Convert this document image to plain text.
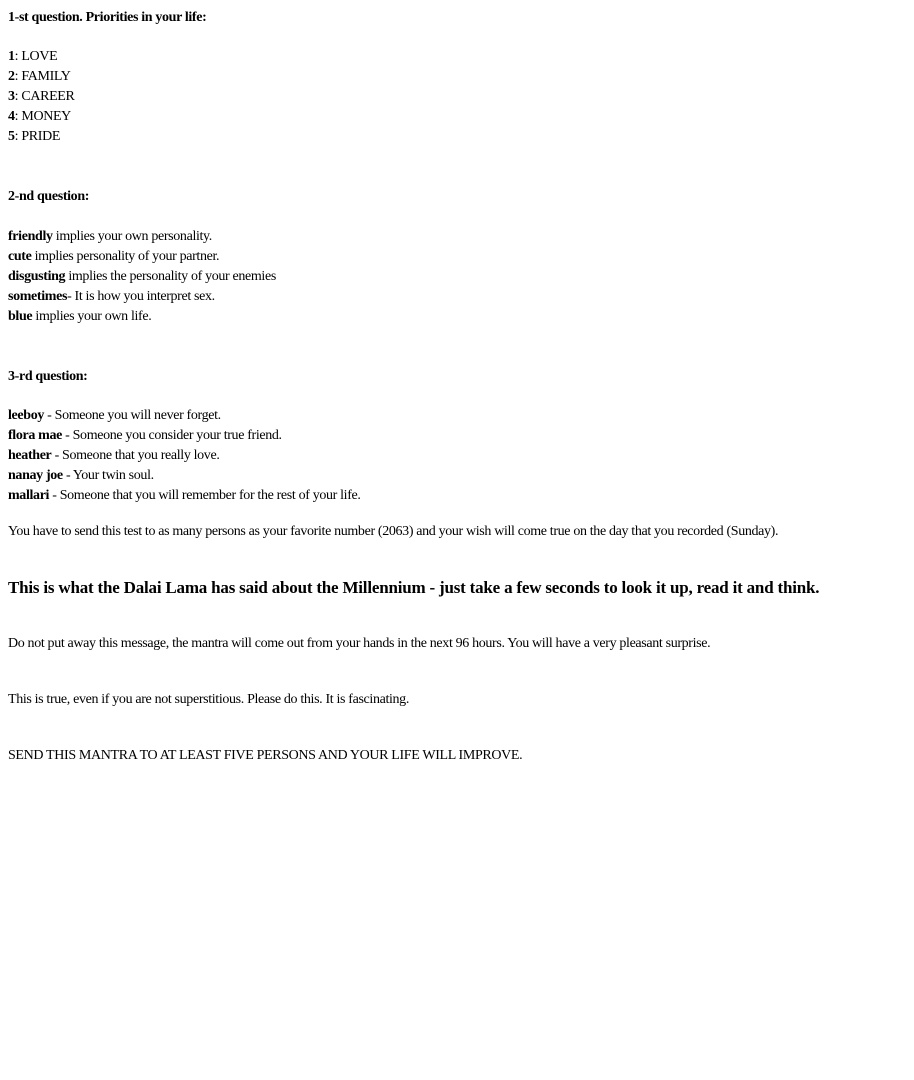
1-st question. Priorities in your life:
1: LOVE
2: FAMILY
3: CAREER
4: MONEY
5: PRIDE
2-nd question:
friendly implies your own personality.
cute implies personality of your partner.
disgusting implies the personality of your enemies
sometimes- It is how you interpret sex.
blue implies your own life.
3-rd question:
leeboy - Someone you will never forget.
flora mae - Someone you consider your true friend.
heather - Someone that you really love.
nanay joe - Your twin soul.
mallari - Someone that you will remember for the rest of your life.
You have to send this test to as many persons as your favorite number (2063) and your wish will come true on the day that you recorded (Sunday).
This is what the Dalai Lama has said about the Millennium - just take a few seconds to look it up, read it and think.
Do not put away this message, the mantra will come out from your hands in the next 96 hours. You will have a very pleasant surprise.
This is true, even if you are not superstitious. Please do this. It is fascinating.
SEND THIS MANTRA TO AT LEAST FIVE PERSONS AND YOUR LIFE WILL IMPROVE.
